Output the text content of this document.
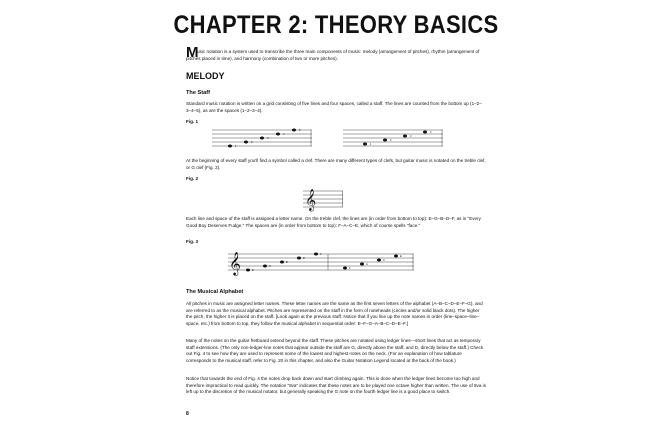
CHAPTER 2: THEORY BASICS
M
usic notation is a system used to transcribe the three main components of music: melody (arrangement of pitches), rhythm (arrangement of pitches placed in time), and harmony (combination of two or more pitches).
MELODY
The Staff
Standard music notation is written on a grid consisting of five lines and four spaces, called a staff. The lines are counted from the bottom up (1–2–3–4–5), as are the spaces (1–2–3–4).
Fig. 1
1
2
3
4
5
1
2
3
4
At the beginning of every staff you'll find a symbol called a clef. There are many different types of clefs, but guitar music is notated on the treble clef, or G clef (Fig. 2).
Fig. 2
𝄞
Each line and space of the staff is assigned a letter name. On the treble clef, the lines are (in order from bottom to top): E–G–B–D–F, as in "Every Good Boy Deserves Fudge." The spaces are (in order from bottom to top): F–A–C–E, which of course spells "face."
Fig. 3
𝄞	E
G
B
D
F
F
A
C
E
The Musical Alphabet
All pitches in music are assigned letter names. These letter names are the same as the first seven letters of the alphabet (A–B–C–D–E–F–G), and are referred to as the musical alphabet. Pitches are represented on the staff in the form of noteheads (circles and/or solid black dots). The higher the pitch, the higher it is placed on the staff. [Look again at the previous staff. Notice that if you line up the note names in order (line–space–line–space, etc.) from bottom to top, they follow the musical alphabet in sequential order: E–F–G–A–B–C–D–E–F.]
Many of the notes on the guitar fretboard extend beyond the staff. These pitches are notated using ledger lines—short lines that act as temporary staff extensions. (The only non-ledger-line notes that appear outside the staff are G, directly above the staff, and D, directly below the staff.) Check out Fig. 4 to see how they are used to represent some of the lowest and highest notes on the neck. (For an explanation of how tablature corresponds to the musical staff, refer to Fig. 20 in this chapter, and also the Guitar Notation Legend located at the back of the book.)
Notice that towards the end of Fig. 4 the notes drop back down and start climbing again. This is done when the ledger lines become too high and therefore impractical to read quickly. The notation "8va" indicates that these notes are to be played one octave higher than written. The use of 8va is left up to the discretion of the musical notator, but generally speaking the G note on the fourth ledger line is a good place to switch.
8
